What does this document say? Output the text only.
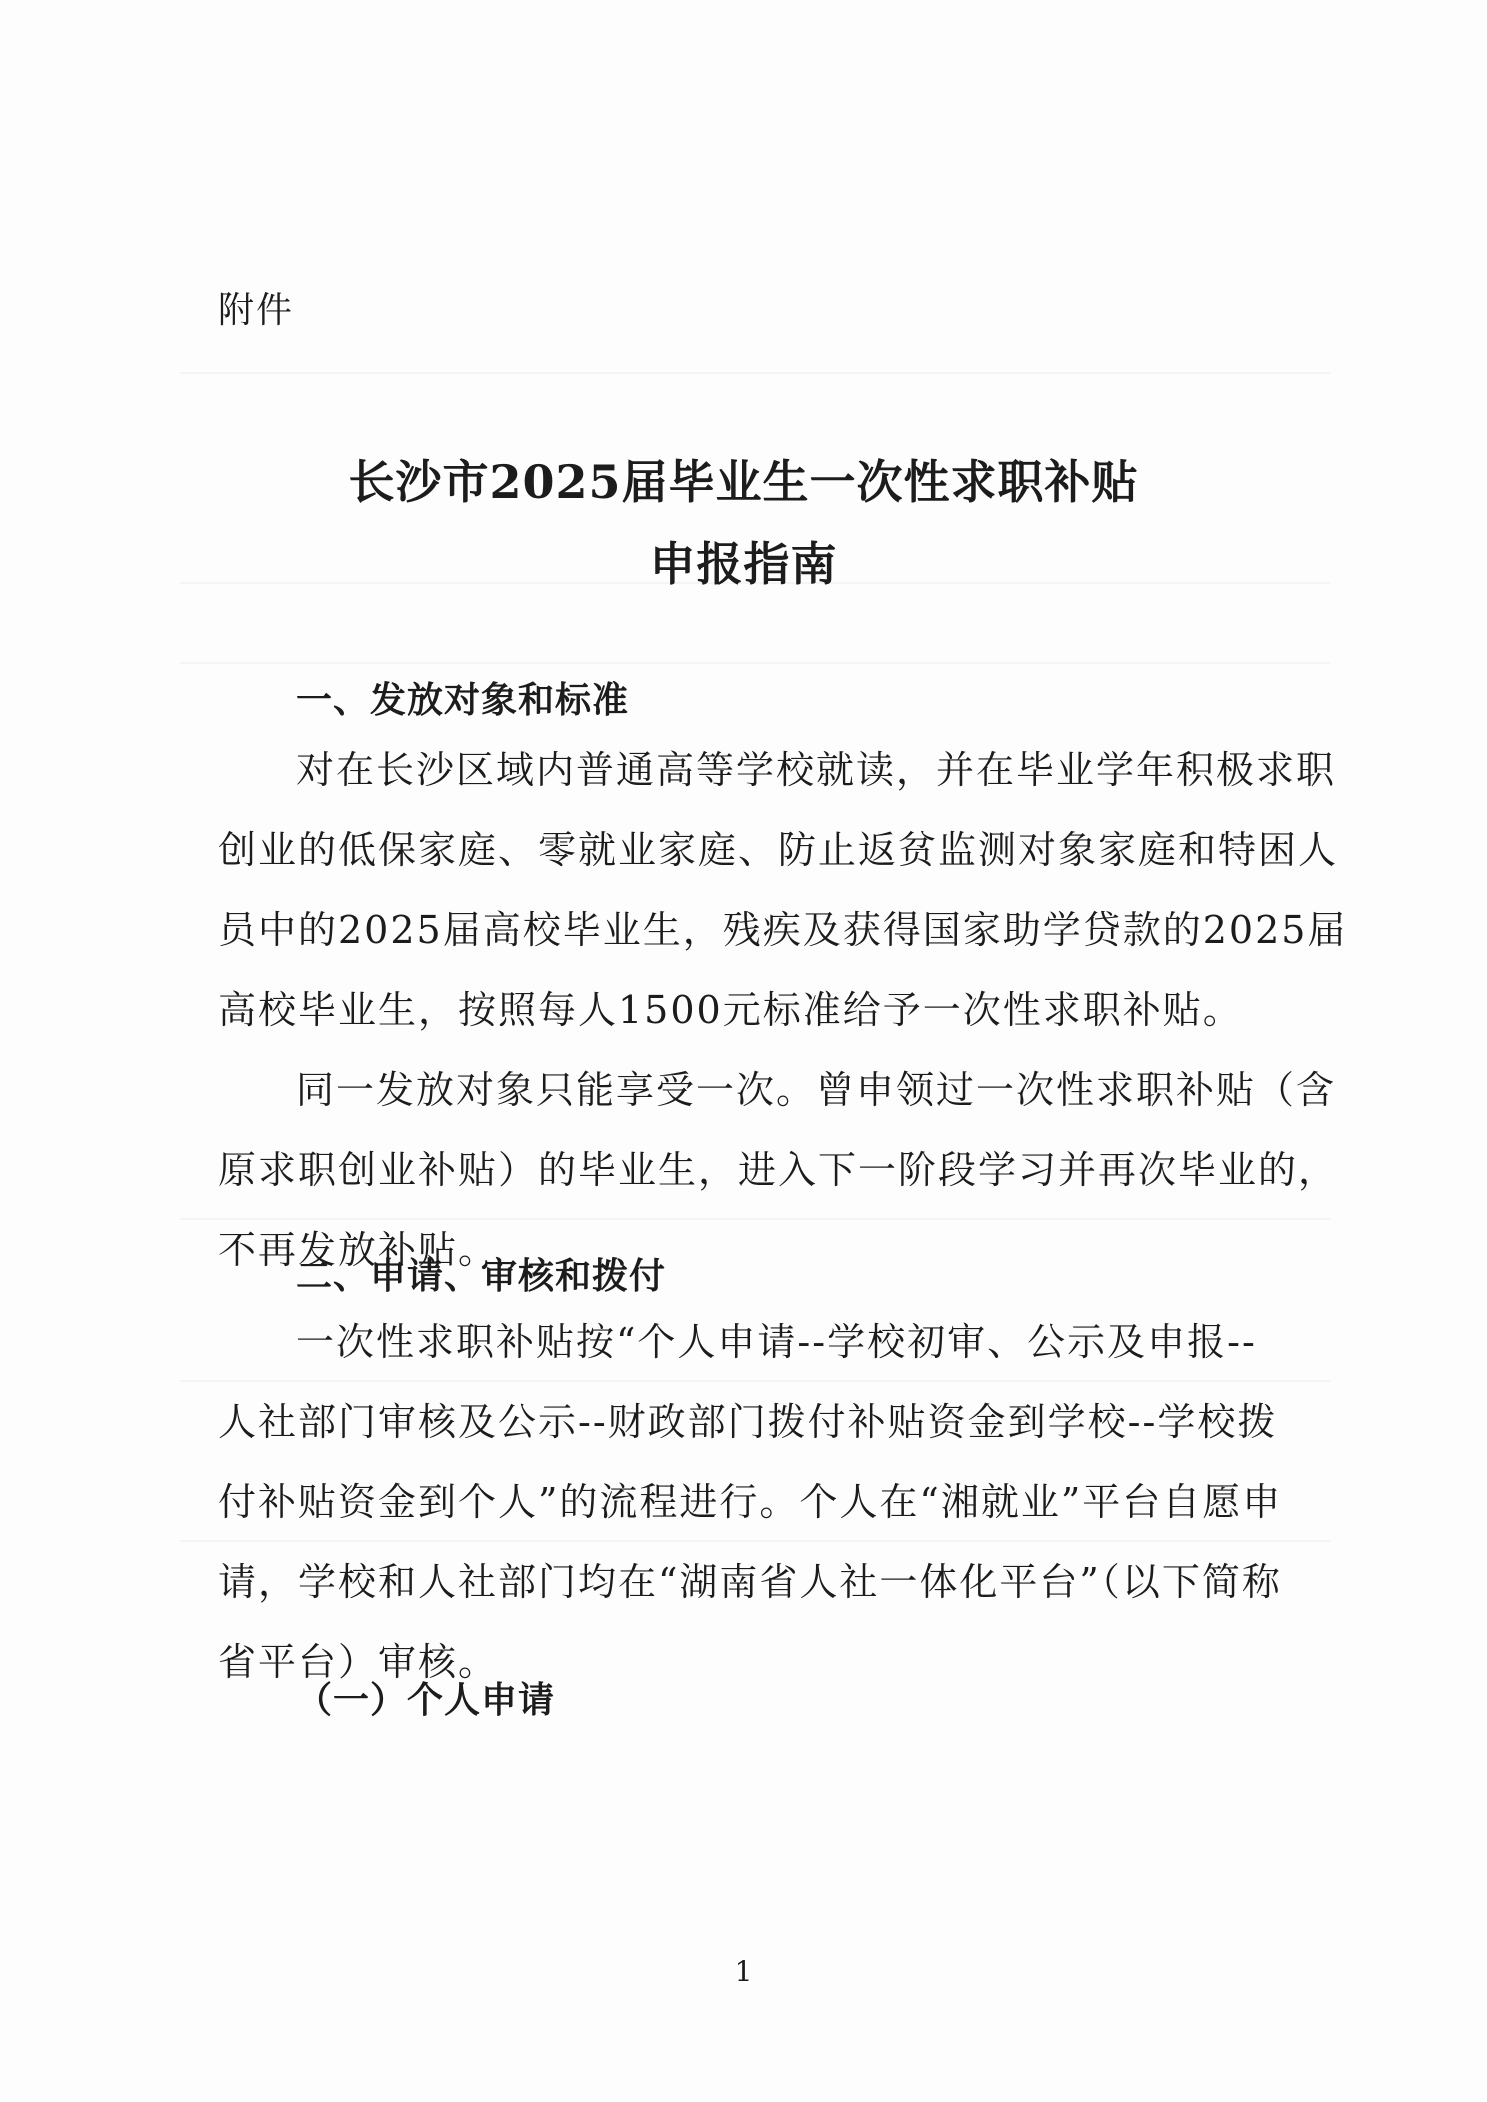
附件

长沙市2025届毕业生一次性求职补贴
申报指南
一、发放对象和标准
对在长沙区域内普通高等学校就读，并在毕业学年积极求职
创业的低保家庭、零就业家庭、防止返贫监测对象家庭和特困人
员中的2025届高校毕业生，残疾及获得国家助学贷款的2025届
高校毕业生，按照每人1500元标准给予一次性求职补贴。
同一发放对象只能享受一次。曾申领过一次性求职补贴（含
原求职创业补贴）的毕业生，进入下一阶段学习并再次毕业的，
不再发放补贴。
二、申请、审核和拨付
一次性求职补贴按“个人申请--学校初审、公示及申报--
人社部门审核及公示--财政部门拨付补贴资金到学校--学校拨
付补贴资金到个人”的流程进行。个人在“湘就业”平台自愿申
请，学校和人社部门均在“湖南省人社一体化平台”（以下简称
省平台）审核。
（一）个人申请

1
